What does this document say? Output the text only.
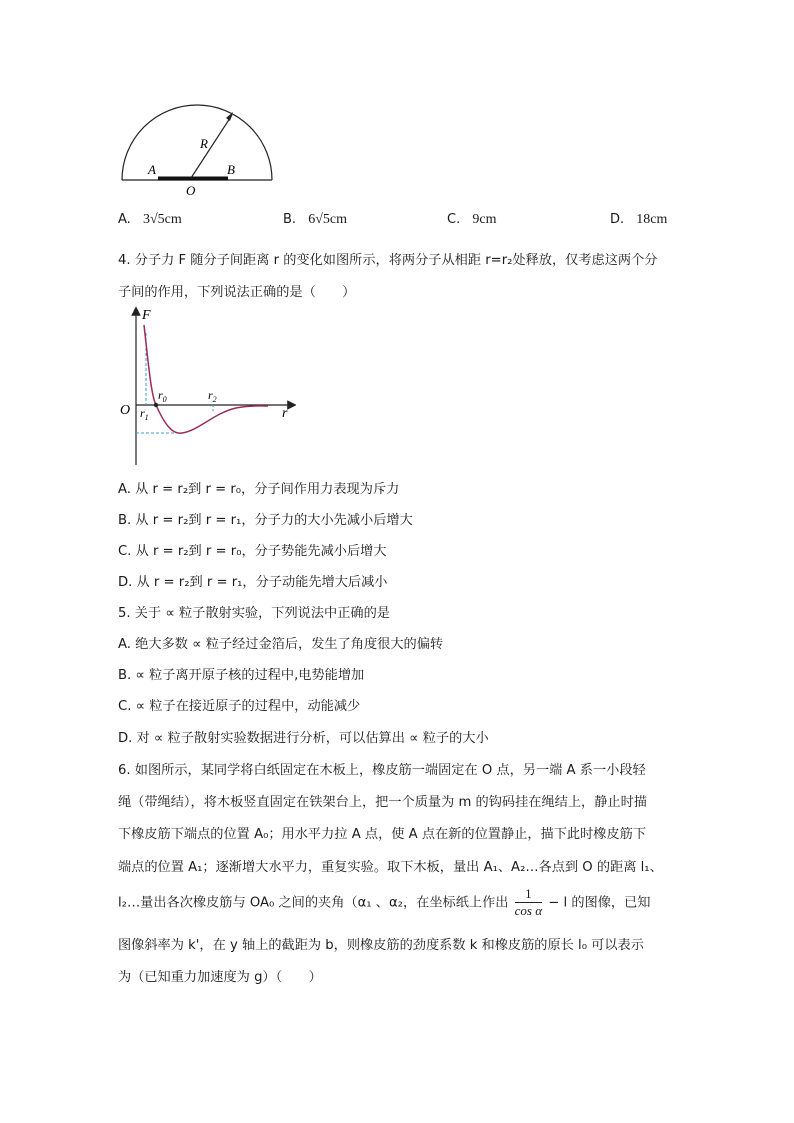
R
A	B
O
A. 3√5cm	B. 6√5cm	C. 9cm	D. 18cm
4. 分子力 F 随分子间距离 r 的变化如图所示，将两分子从相距 r=r₂处释放，仅考虑这两个分
子间的作用，下列说法正确的是（　　）
F
O	r
$r_0$
$r_1$
$r_2$
A. 从 r = r₂到 r = r₀，分子间作用力表现为斥力
B. 从 r = r₂到 r = r₁，分子力的大小先减小后增大
C. 从 r = r₂到 r = r₀，分子势能先减小后增大
D. 从 r = r₂到 r = r₁，分子动能先增大后减小
5. 关于 ∝ 粒子散射实验，下列说法中正确的是
A. 绝大多数 ∝ 粒子经过金箔后，发生了角度很大的偏转
B. ∝ 粒子离开原子核的过程中,电势能增加
C. ∝ 粒子在接近原子的过程中，动能减少
D. 对 ∝ 粒子散射实验数据进行分析，可以估算出 ∝ 粒子的大小
6. 如图所示，某同学将白纸固定在木板上，橡皮筋一端固定在 O 点，另一端 A 系一小段轻
绳（带绳结），将木板竖直固定在铁架台上，把一个质量为 m 的钩码挂在绳结上，静止时描
下橡皮筋下端点的位置 A₀；用水平力拉 A 点，使 A 点在新的位置静止，描下此时橡皮筋下
端点的位置 A₁；逐渐增大水平力，重复实验。取下木板，量出 A₁、A₂…各点到 O 的距离 l₁、
l₂…量出各次橡皮筋与 OA₀ 之间的夹角（α₁ 、α₂，在坐标纸上作出 $\frac{1}{\text{cos α}} - l$ 的图像，已知
图像斜率为 k'，在 y 轴上的截距为 b，则橡皮筋的劲度系数 k 和橡皮筋的原长 l₀ 可以表示
为（已知重力加速度为 g）（　　）
